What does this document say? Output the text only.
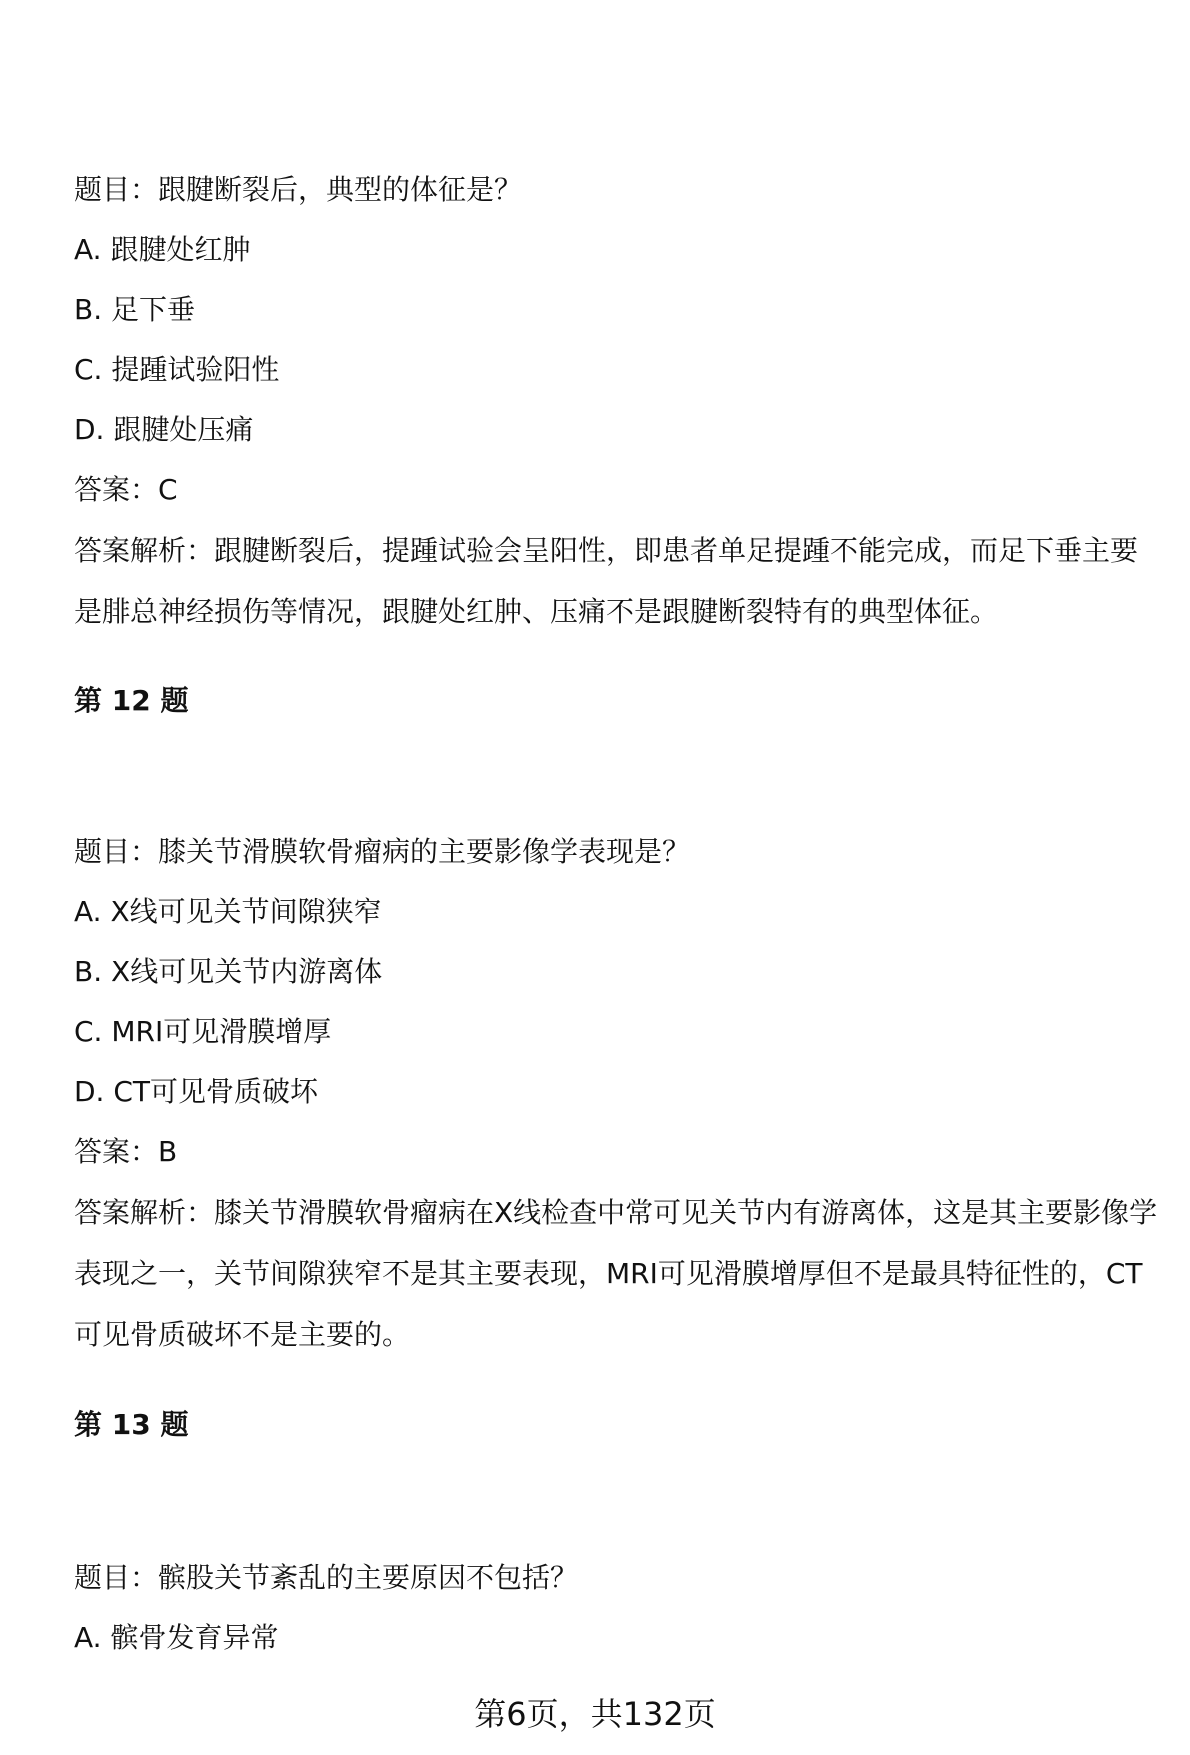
题目：跟腱断裂后，典型的体征是？
A. 跟腱处红肿
B. 足下垂
C. 提踵试验阳性
D. 跟腱处压痛
答案：C
答案解析：跟腱断裂后，提踵试验会呈阳性，即患者单足提踵不能完成，而足下垂主要是腓总神经损伤等情况，跟腱处红肿、压痛不是跟腱断裂特有的典型体征。
第 12 题
题目：膝关节滑膜软骨瘤病的主要影像学表现是？
A. X线可见关节间隙狭窄
B. X线可见关节内游离体
C. MRI可见滑膜增厚
D. CT可见骨质破坏
答案：B
答案解析：膝关节滑膜软骨瘤病在X线检查中常可见关节内有游离体，这是其主要影像学表现之一，关节间隙狭窄不是其主要表现，MRI可见滑膜增厚但不是最具特征性的，CT可见骨质破坏不是主要的。
第 13 题
题目：髌股关节紊乱的主要原因不包括？
A. 髌骨发育异常
第6页，共132页
